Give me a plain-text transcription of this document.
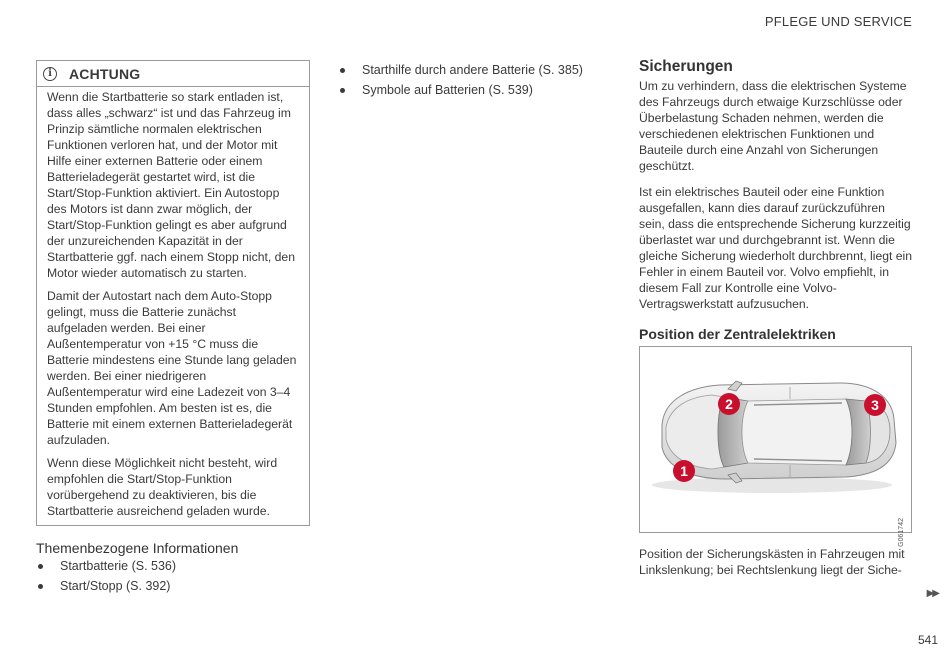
PFLEGE UND SERVICE
i	ACHTUNG

Wenn die Startbatterie so stark entladen ist, dass alles „schwarz“ ist und das Fahrzeug im Prinzip sämtliche normalen elektrischen Funktionen verloren hat, und der Motor mit Hilfe einer externen Batterie oder einem Batterieladegerät gestartet wird, ist die Start/Stop-Funktion aktiviert. Ein Autostopp des Motors ist dann zwar möglich, der Start/Stop-Funktion gelingt es aber aufgrund der unzureichenden Kapazität in der Startbatterie ggf. nach einem Stopp nicht, den Motor wieder automatisch zu starten.

Damit der Autostart nach dem Auto-Stopp gelingt, muss die Batterie zunächst aufgeladen werden. Bei einer Außentemperatur von +15 °C muss die Batterie mindestens eine Stunde lang geladen werden. Bei einer niedrigeren Außentemperatur wird eine Ladezeit von 3–4 Stunden empfohlen. Am besten ist es, die Batterie mit einem externen Batterieladegerät aufzuladen.

Wenn diese Möglichkeit nicht besteht, wird empfohlen die Start/Stop-Funktion vorübergehend zu deaktivieren, bis die Startbatterie ausreichend geladen wurde.

Themenbezogene Informationen
Startbatterie (S. 536)
Start/Stopp (S. 392)
Starthilfe durch andere Batterie (S. 385)
Symbole auf Batterien (S. 539)
Sicherungen

Um zu verhindern, dass die elektrischen Systeme des Fahrzeugs durch etwaige Kurzschlüsse oder Überbelastung Schaden nehmen, werden die verschiedenen elektrischen Funktionen und Bauteile durch eine Anzahl von Sicherungen geschützt.

Ist ein elektrisches Bauteil oder eine Funktion ausgefallen, kann dies darauf zurückzuführen sein, dass die entsprechende Sicherung kurzzeitig überlastet war und durchgebrannt ist. Wenn die gleiche Sicherung wiederholt durchbrennt, liegt ein Fehler in einem Bauteil vor. Volvo empfiehlt, in diesem Fall zur Kontrolle eine Volvo-Vertragswerkstatt aufzusuchen.

Position der Zentralelektriken
1
2	3
G061742
Position der Sicherungskästen in Fahrzeugen mit Linkslenkung; bei Rechtslenkung liegt der Siche-
▶▶
541
